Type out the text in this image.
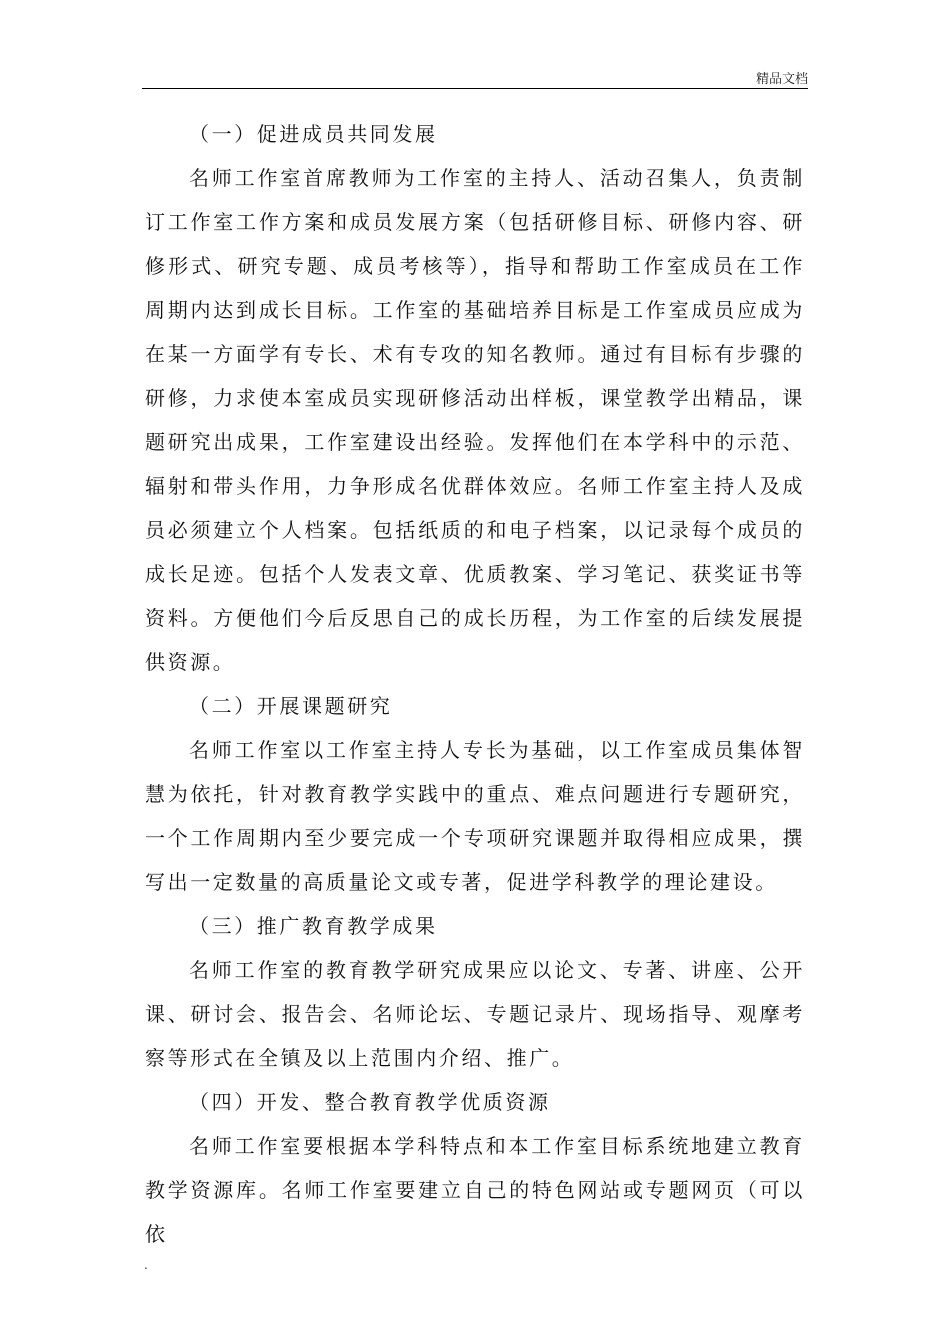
精品文档

（一）促进成员共同发展

名师工作室首席教师为工作室的主持人、活动召集人，负责制订工作室工作方案和成员发展方案（包括研修目标、研修内容、研修形式、研究专题、成员考核等），指导和帮助工作室成员在工作周期内达到成长目标。工作室的基础培养目标是工作室成员应成为在某一方面学有专长、术有专攻的知名教师。通过有目标有步骤的研修，力求使本室成员实现研修活动出样板，课堂教学出精品，课题研究出成果，工作室建设出经验。发挥他们在本学科中的示范、辐射和带头作用，力争形成名优群体效应。名师工作室主持人及成员必须建立个人档案。包括纸质的和电子档案，以记录每个成员的成长足迹。包括个人发表文章、优质教案、学习笔记、获奖证书等资料。方便他们今后反思自己的成长历程，为工作室的后续发展提供资源。

（二）开展课题研究

名师工作室以工作室主持人专长为基础，以工作室成员集体智慧为依托，针对教育教学实践中的重点、难点问题进行专题研究，一个工作周期内至少要完成一个专项研究课题并取得相应成果，撰写出一定数量的高质量论文或专著，促进学科教学的理论建设。

（三）推广教育教学成果

名师工作室的教育教学研究成果应以论文、专著、讲座、公开课、研讨会、报告会、名师论坛、专题记录片、现场指导、观摩考察等形式在全镇及以上范围内介绍、推广。

（四）开发、整合教育教学优质资源

名师工作室要根据本学科特点和本工作室目标系统地建立教育教学资源库。名师工作室要建立自己的特色网站或专题网页（可以依

.
